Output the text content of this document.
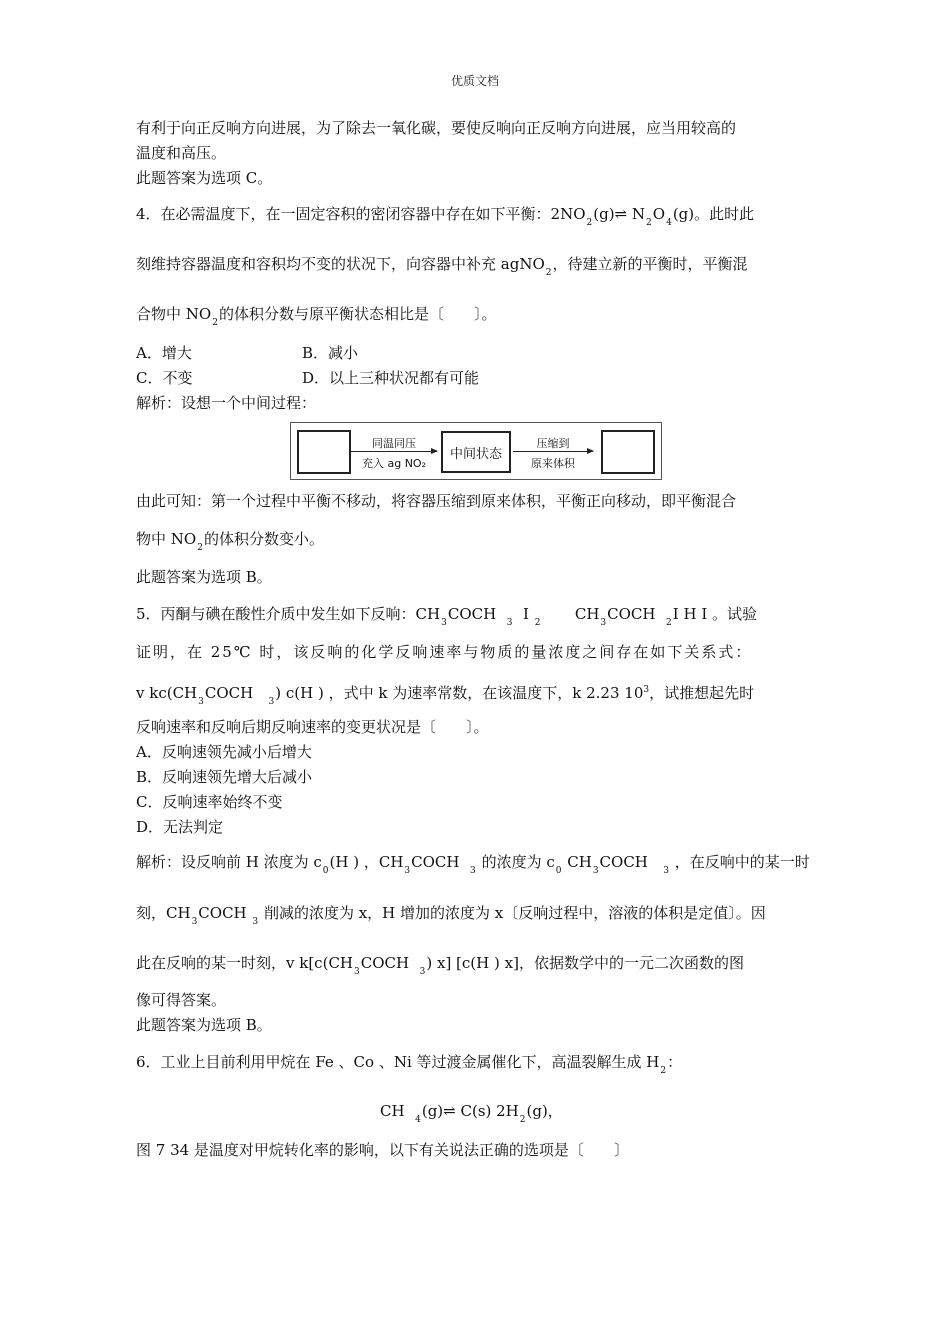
优质文档
有利于向正反响方向进展，为了除去一氧化碳，要使反响向正反响方向进展，应当用较高的
温度和高压。
此题答案为选项 C。
4．在必需温度下，在一固定容积的密闭容器中存在如下平衡：$2NO_2(g)\rightleftharpoons$ $N_2O_4(g)$。此时此
刻维持容器温度和容积均不变的状况下，向容器中补充 agNO$_2$，待建立新的平衡时，平衡混
合物中 $NO_2$的体积分数与原平衡状态相比是〔　　〕。
A．增大	B．减小
C．不变	D．以上三种状况都有可能
解析：设想一个中间过程：
同温同压
充入 ag NO₂
中间状态
压缩到
原来体积
由此可知：第一个过程中平衡不移动，将容器压缩到原来体积，平衡正向移动，即平衡混合
物中 $NO_2$的体积分数变小。
此题答案为选项 B。
5．丙酮与碘在酸性介质中发生如下反响：$CH_3COCH$ $_3$ I $_2$ $CH_3COCH$ $_2$I H I 。试验
证明，在 25℃ 时，该反响的化学反响速率与物质的量浓度之间存在如下关系式：
v $kc(CH_3COCH$ $_3$) c(H ) ，式中 k 为速率常数，在该温度下，k 2.23 $10^3$，试推想起先时
反响速率和反响后期反响速率的变更状况是〔　　〕。
A．反响速领先减小后增大
B．反响速领先增大后减小
C．反响速率始终不变
D．无法判定
解析：设反响前 H 浓度为 $c_0(H$ ) ，$CH_3COCH$ $_3$ 的浓度为 $c_0$ $CH_3COCH$ $_3$ ，在反响中的某一时
刻，$CH_3COCH$ $_3$ 削减的浓度为 x，H 增加的浓度为 x〔反响过程中，溶液的体积是定值〕。因
此在反响的某一时刻，v $k[c(CH_3COCH$ $_3$) x] [c(H ) x]，依据数学中的一元二次函数的图
像可得答案。
此题答案为选项 B。
6．工业上目前利用甲烷在 Fe 、Co 、Ni 等过渡金属催化下，高温裂解生成 $H_2$：
CH $_4$(g)⇌ C(s) $2H_2(g)$，
图 7 34 是温度对甲烷转化率的影响，以下有关说法正确的选项是〔　　〕
